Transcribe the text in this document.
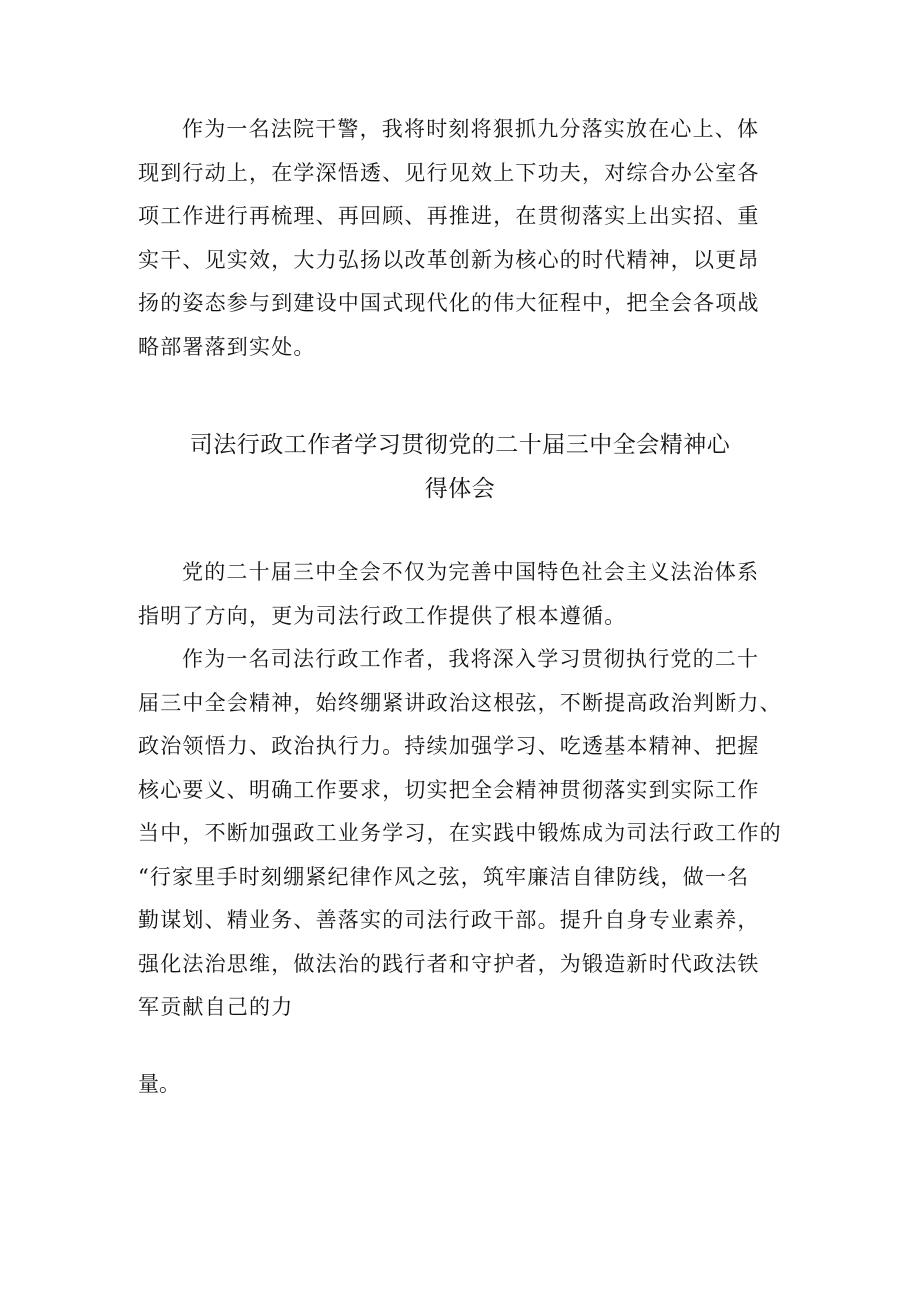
作为一名法院干警，我将时刻将狠抓九分落实放在心上、体
现到行动上，在学深悟透、见行见效上下功夫，对综合办公室各
项工作进行再梳理、再回顾、再推进，在贯彻落实上出实招、重
实干、见实效，大力弘扬以改革创新为核心的时代精神，以更昂
扬的姿态参与到建设中国式现代化的伟大征程中，把全会各项战
略部署落到实处。
司法行政工作者学习贯彻党的二十届三中全会精神心
得体会
党的二十届三中全会不仅为完善中国特色社会主义法治体系
指明了方向，更为司法行政工作提供了根本遵循。
作为一名司法行政工作者，我将深入学习贯彻执行党的二十
届三中全会精神，始终绷紧讲政治这根弦，不断提高政治判断力、
政治领悟力、政治执行力。持续加强学习、吃透基本精神、把握
核心要义、明确工作要求，切实把全会精神贯彻落实到实际工作
当中，不断加强政工业务学习，在实践中锻炼成为司法行政工作的
“行家里手时刻绷紧纪律作风之弦，筑牢廉洁自律防线，做一名
勤谋划、精业务、善落实的司法行政干部。提升自身专业素养，
强化法治思维，做法治的践行者和守护者，为锻造新时代政法铁
军贡献自己的力

量。
